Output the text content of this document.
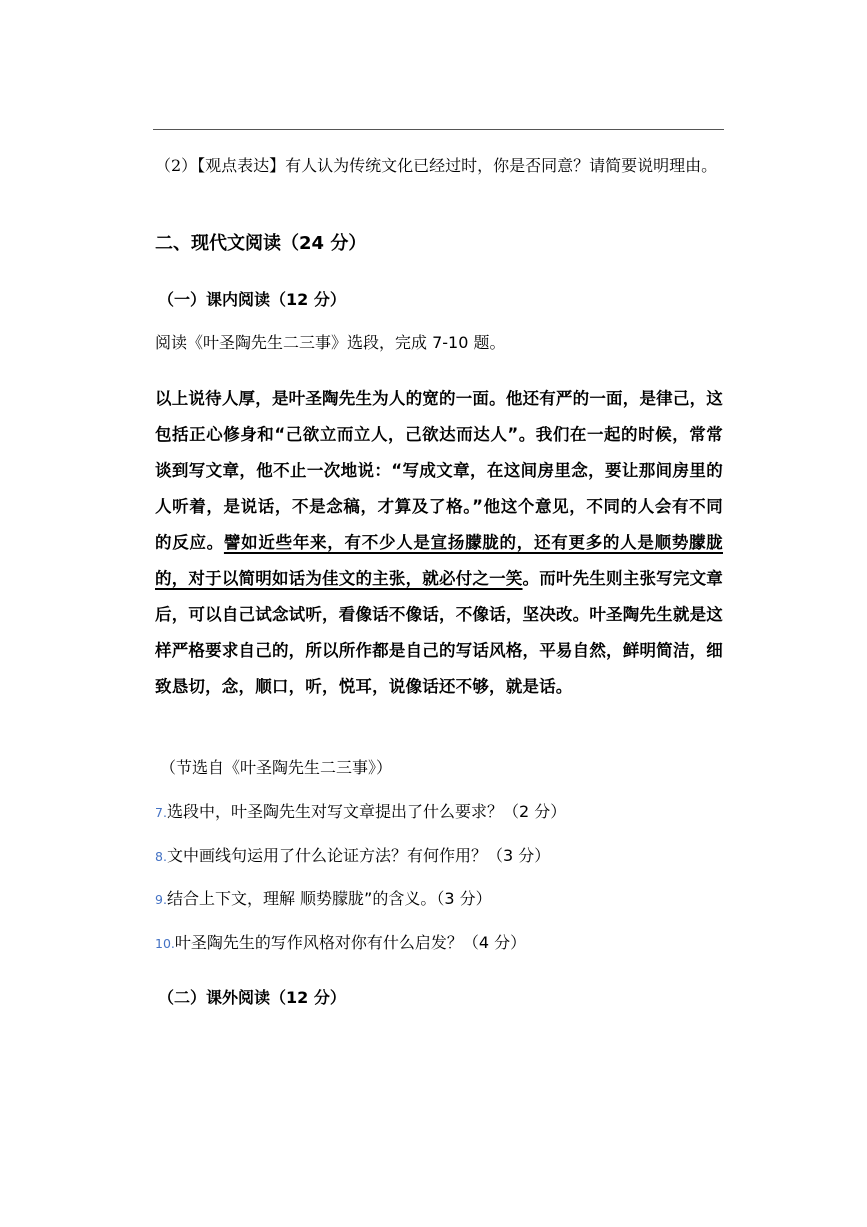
（2）【观点表达】有人认为传统文化已经过时，你是否同意？请简要说明理由。

二、现代文阅读（24 分）
（一）课内阅读（12 分）

阅读《叶圣陶先生二三事》选段，完成 7-10 题。

以上说待人厚，是叶圣陶先生为人的宽的一面。他还有严的一面，是律己，这包括正心修身和“己欲立而立人，己欲达而达人”。我们在一起的时候，常常谈到写文章，他不止一次地说：“写成文章，在这间房里念，要让那间房里的人听着，是说话，不是念稿，才算及了格。”他这个意见，不同的人会有不同的反应。譬如近些年来，有不少人是宣扬朦胧的，还有更多的人是顺势朦胧的，对于以简明如话为佳文的主张，就必付之一笑。而叶先生则主张写完文章后，可以自己试念试听，看像话不像话，不像话，坚决改。叶圣陶先生就是这样严格要求自己的，所以所作都是自己的写话风格，平易自然，鲜明简洁，细致恳切，念，顺口，听，悦耳，说像话还不够，就是话。

（节选自《叶圣陶先生二三事》）

7.选段中，叶圣陶先生对写文章提出了什么要求？（2 分）

8.文中画线句运用了什么论证方法？有何作用？（3 分）

9.结合上下文，理解 顺势朦胧”的含义。（3 分）

10.叶圣陶先生的写作风格对你有什么启发？（4 分）

（二）课外阅读（12 分）
